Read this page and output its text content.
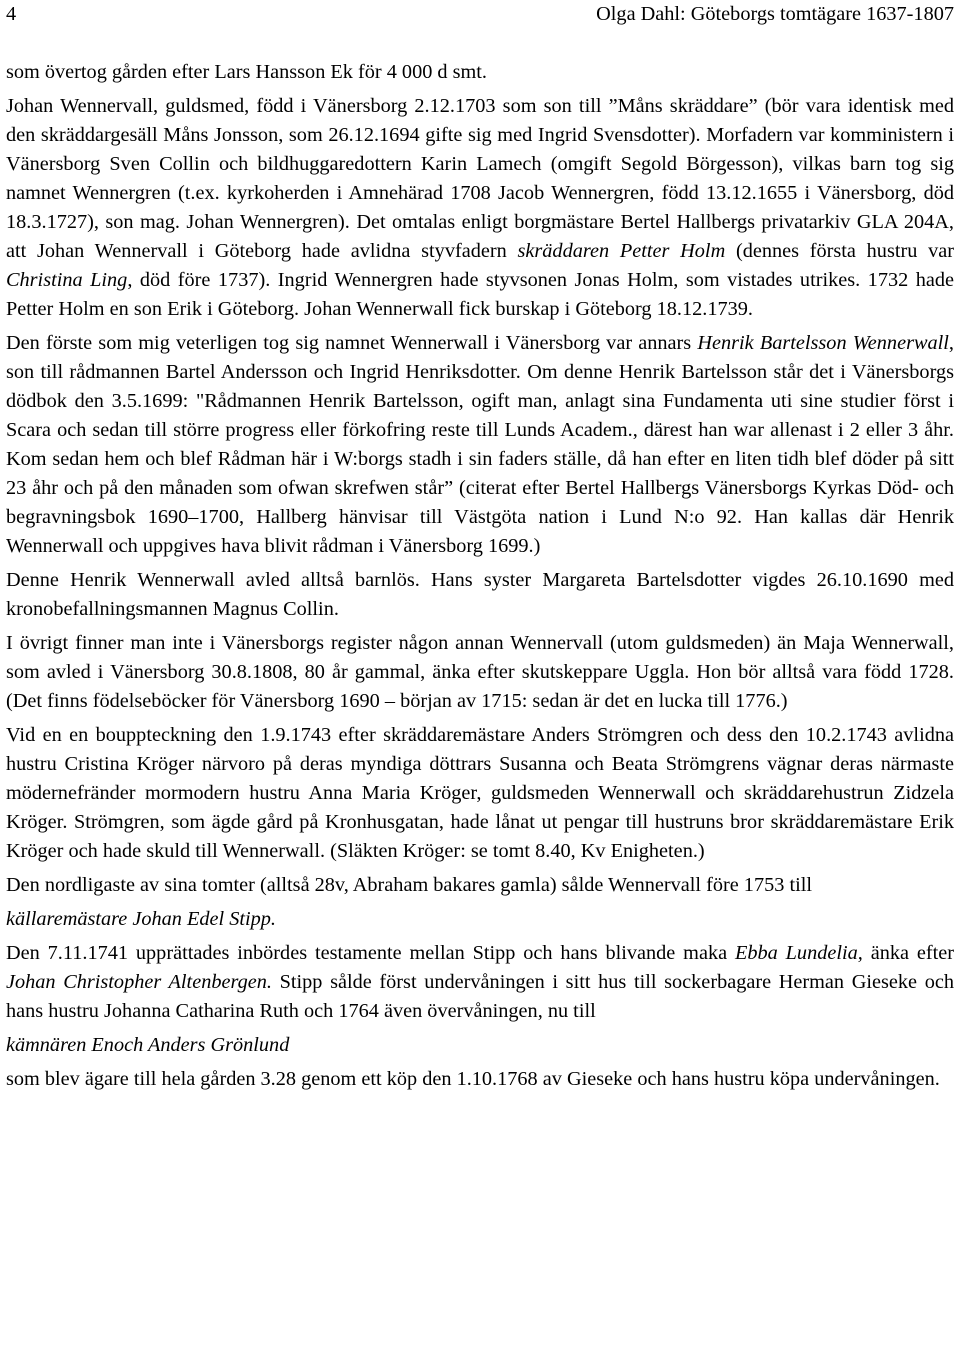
4	Olga Dahl: Göteborgs tomtägare 1637-1807

som övertog gården efter Lars Hansson Ek för 4 000 d smt.

Johan Wennervall, guldsmed, född i Vänersborg 2.12.1703 som son till ”Måns skräddare” (bör vara identisk med den skräddargesäll Måns Jonsson, som 26.12.1694 gifte sig med Ingrid Svensdotter). Morfadern var komministern i Vänersborg Sven Collin och bildhuggaredottern Karin Lamech (omgift Segold Börgesson), vilkas barn tog sig namnet Wennergren (t.ex. kyrkoherden i Amnehärad 1708 Jacob Wennergren, född 13.12.1655 i Vänersborg, död 18.3.1727), son mag. Johan Wennergren). Det omtalas enligt borgmästare Bertel Hallbergs privatarkiv GLA 204A, att Johan Wennervall i Göteborg hade avlidna styvfadern skräddaren Petter Holm (dennes första hustru var Christina Ling, död före 1737). Ingrid Wennergren hade styvsonen Jonas Holm, som vistades utrikes. 1732 hade Petter Holm en son Erik i Göteborg. Johan Wennerwall fick burskap i Göteborg 18.12.1739.

Den förste som mig veterligen tog sig namnet Wennerwall i Vänersborg var annars Henrik Bartelsson Wennerwall, son till rådmannen Bartel Andersson och Ingrid Henriksdotter. Om denne Henrik Bartelsson står det i Vänersborgs dödbok den 3.5.1699: "Rådmannen Henrik Bartelsson, ogift man, anlagt sina Fundamenta uti sine studier först i Scara och sedan till större progress eller förkofring reste till Lunds Academ., därest han war allenast i 2 eller 3 åhr. Kom sedan hem och blef Rådman här i W:borgs stadh i sin faders ställe, då han efter en liten tidh blef döder på sitt 23 åhr och på den månaden som ofwan skrefwen står” (citerat efter Bertel Hallbergs Vänersborgs Kyrkas Död- och begravningsbok 1690–1700, Hallberg hänvisar till Västgöta nation i Lund N:o 92. Han kallas där Henrik Wennerwall och uppgives hava blivit rådman i Vänersborg 1699.)

Denne Henrik Wennerwall avled alltså barnlös. Hans syster Margareta Bartelsdotter vigdes 26.10.1690 med kronobefallningsmannen Magnus Collin.

I övrigt finner man inte i Vänersborgs register någon annan Wennervall (utom guldsmeden) än Maja Wennerwall, som avled i Vänersborg 30.8.1808, 80 år gammal, änka efter skutskeppare Uggla. Hon bör alltså vara född 1728. (Det finns födelseböcker för Vänersborg 1690 – början av 1715: sedan är det en lucka till 1776.)

Vid en en bouppteckning den 1.9.1743 efter skräddaremästare Anders Strömgren och dess den 10.2.1743 avlidna hustru Cristina Kröger närvoro på deras myndiga döttrars Susanna och Beata Strömgrens vägnar deras närmaste mödernefränder mormodern hustru Anna Maria Kröger, guldsmeden Wennerwall och skräddarehustrun Zidzela Kröger. Strömgren, som ägde gård på Kronhusgatan, hade lånat ut pengar till hustruns bror skräddaremästare Erik Kröger och hade skuld till Wennerwall. (Släkten Kröger: se tomt 8.40, Kv Enigheten.)

Den nordligaste av sina tomter (alltså 28v, Abraham bakares gamla) sålde Wennervall före 1753 till

källaremästare Johan Edel Stipp.

Den 7.11.1741 upprättades inbördes testamente mellan Stipp och hans blivande maka Ebba Lundelia, änka efter Johan Christopher Altenbergen. Stipp sålde först undervåningen i sitt hus till sockerbagare Herman Gieseke och hans hustru Johanna Catharina Ruth och 1764 även övervåningen, nu till

kämnären Enoch Anders Grönlund

som blev ägare till hela gården 3.28 genom ett köp den 1.10.1768 av Gieseke och hans hustru köpa undervåningen.
